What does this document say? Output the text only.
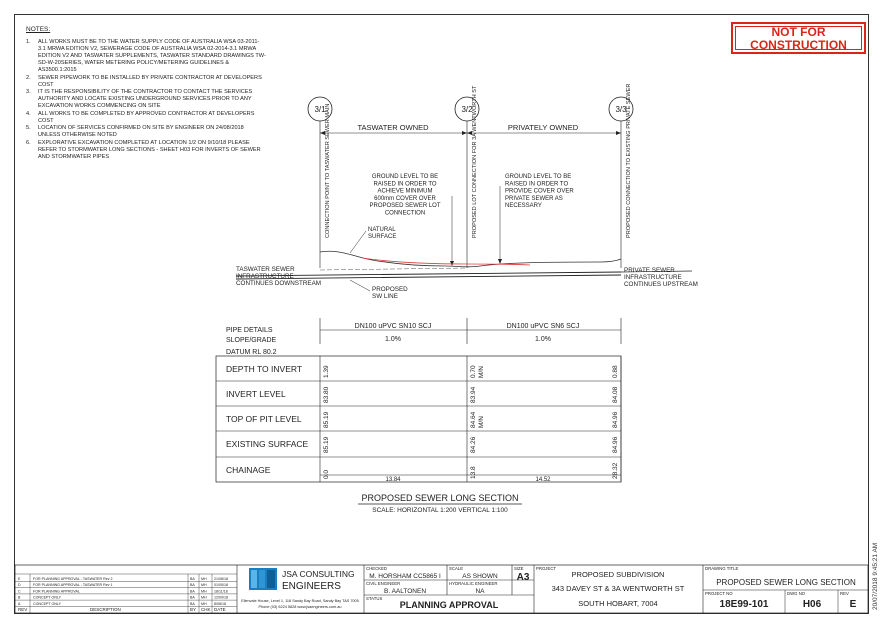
NOTES:
1.	ALL WORKS MUST BE TO THE WATER SUPPLY CODE OF AUSTRALIA WSA 03-2011-3.1 MRWA EDITION V2, SEWERAGE CODE OF AUSTRALIA WSA 02-2014-3.1 MRWA EDITION V2 AND TASWATER SUPPLEMENTS, TASWATER STANDARD DRAWINGS TW-SD-W-20SERIES, WATER METERING POLICY/METERING GUIDELINES & AS3500.1:2015
2.	SEWER PIPEWORK TO BE INSTALLED BY PRIVATE CONTRACTOR AT DEVELOPERS COST
3.	IT IS THE RESPONSIBILITY OF THE CONTRACTOR TO CONTACT THE SERVICES AUTHORITY AND LOCATE EXISTING UNDERGROUND SERVICES PRIOR TO ANY EXCAVATION WORKS COMMENCING ON SITE
4.	ALL WORKS TO BE COMPLETED BY APPROVED CONTRACTOR AT DEVELOPERS COST
5.	LOCATION OF SERVICES CONFIRMED ON SITE BY ENGINEER ON 24/08/2018 UNLESS OTHERWISE NOTED
6.	EXPLORATIVE EXCAVATION COMPLETED AT LOCATION 1/2 ON 9/10/18 PLEASE REFER TO STORMWATER LONG SECTIONS - SHEET H03 FOR INVERTS OF SEWER AND STORMWATER PIPES
NOT FOR
CONSTRUCTION
3/1	3/2	3/3
TASWATER OWNED	PRIVATELY OWNED
CONNECTION POINT TO TASWATER SEWER MAIN	PROPOSED LOT CONNECTION FOR 3A WENTWORTH ST	PROPOSED CONNECTION TO EXISTING PRIVATE SEWER
GROUND LEVEL TO BE RAISED IN ORDER TO ACHIEVE MINIMUM 600mm COVER OVER PROPOSED SEWER LOT CONNECTION
GROUND LEVEL TO BE RAISED IN ORDER TO PROVIDE COVER OVER PRIVATE SEWER AS NECESSARY
NATURAL
SURFACE
TASWATER SEWER
INFRASTRUCTURE
CONTINUES DOWNSTREAM
PRIVATE SEWER
INFRASTRUCTURE
CONTINUES UPSTREAM
PROPOSED
SW LINE
DN100 uPVC SN10 SCJ
1.0%
DN100 uPVC SN6 SCJ
1.0%
PIPE DETAILS
SLOPE/GRADE
DATUM RL 80.2
DEPTH TO INVERT	1.39	0.70	0.88
M/N
INVERT LEVEL	83.80	83.94	84.08
TOP OF PIT LEVEL	85.19	84.64	84.96
M/N
EXISTING SURFACE 85.19	84.26	84.96
CHAINAGE	0.0	13.8	28.32
13.84	14.52
PROPOSED SEWER LONG SECTION
SCALE: HORIZONTAL 1:200 VERTICAL 1:100
E	FOR PLANNING APPROVAL - TASWATER Rev 2	BA MH 21/08/18
D	FOR PLANNING APPROVAL - TASWATER Rev 1	BA MH 01/05/18
C	FOR PLANNING APPROVAL	BA MH 18/11/18
B	CONCEPT ONLY	BA MH 12/09/18
A	CONCEPT ONLY	BA MH 8/08/18
REV	DESCRIPTION	BY CHK DATE
JSA CONSULTING
ENGINEERS
Ellenvale House, Level 1, 118 Sandy Bay Road, Sandy Bay TAS 7005
Phone (03) 6224 5828 www.jsaengineers.com.au
CHECKED
M. HORSHAM CC5865 I
CIVIL ENGINEER
B. AALTONEN
SCALE
AS SHOWN
HYDRAULIC ENGINEER
NA
SIZE
A3
STATUS
PLANNING APPROVAL
PROJECT
PROPOSED SUBDIVISION
343 DAVEY ST & 3A WENTWORTH ST
SOUTH HOBART, 7004
DRAWING TITLE
PROPOSED SEWER LONG SECTION
PROJECT NO
18E99-101
DWG NO
H06
REV
E 20/07/2018 9:45:21 AM
